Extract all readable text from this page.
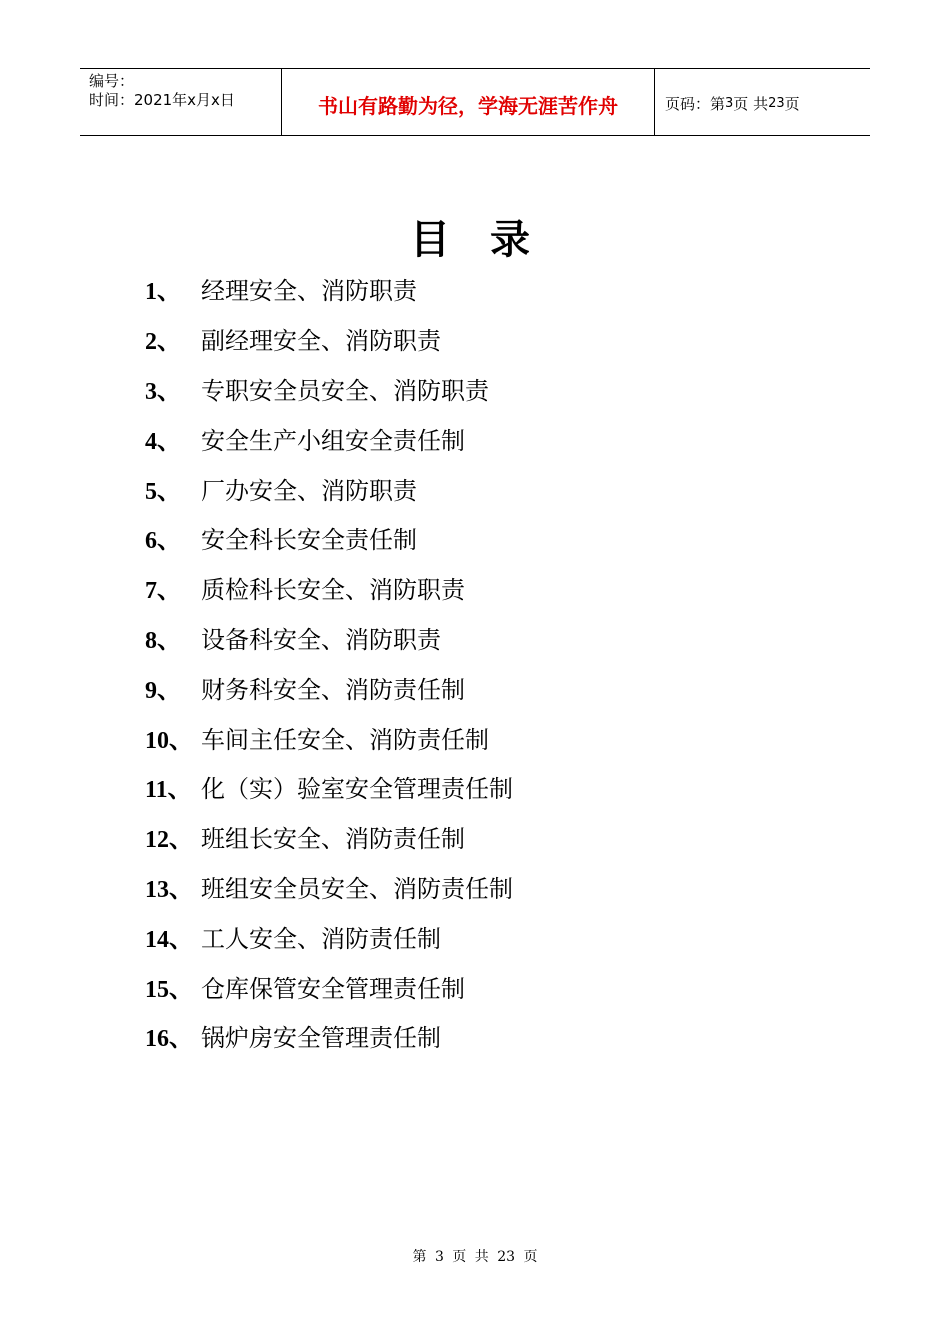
编号：
时间：2021年x月x日	书山有路勤为径，学海无涯苦作舟	页码：第 3 页 共 23 页
目录
1、 经理安全、消防职责
2、 副经理安全、消防职责
3、 专职安全员安全、消防职责
4、 安全生产小组安全责任制
5、 厂办安全、消防职责
6、 安全科长安全责任制
7、 质检科长安全、消防职责
8、 设备科安全、消防职责
9、 财务科安全、消防责任制
10、 车间主任安全、消防责任制
11、 化（实）验室安全管理责任制
12、 班组长安全、消防责任制
13、 班组安全员安全、消防责任制
14、 工人安全、消防责任制
15、 仓库保管安全管理责任制
16、 锅炉房安全管理责任制
第 3 页 共 23 页
